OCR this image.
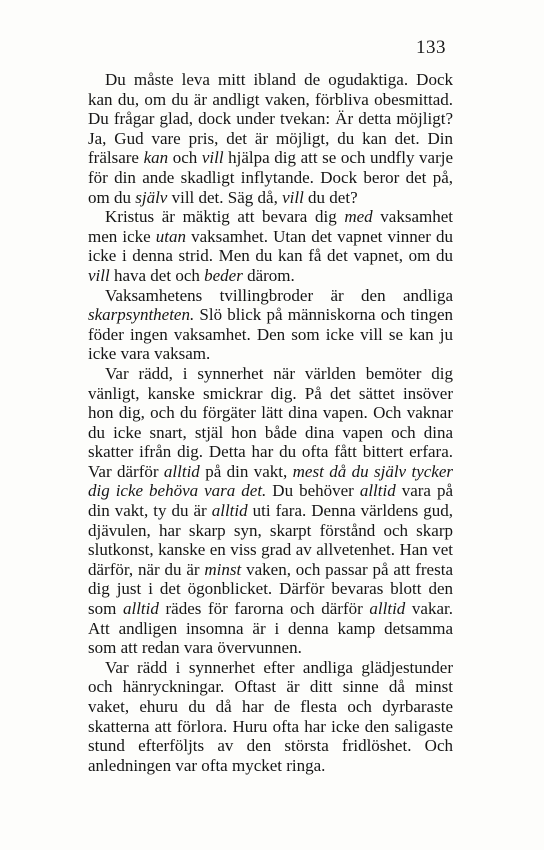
133

Du måste leva mitt ibland de ogudaktiga. Dock kan du, om du är andligt vaken, förbliva obesmittad. Du frågar glad, dock under tvekan: Är detta möjligt? Ja, Gud vare pris, det är möjligt, du kan det. Din frälsare kan och vill hjälpa dig att se och undfly varje för din ande skadligt inflytande. Dock beror det på, om du själv vill det. Säg då, vill du det?

Kristus är mäktig att bevara dig med vaksamhet men icke utan vaksamhet. Utan det vapnet vinner du icke i denna strid. Men du kan få det vapnet, om du vill hava det och beder därom.

Vaksamhetens tvillingbroder är den andliga skarpsyntheten. Slö blick på människorna och tingen föder ingen vaksamhet. Den som icke vill se kan ju icke vara vaksam.

Var rädd, i synnerhet när världen bemöter dig vänligt, kanske smickrar dig. På det sättet insöver hon dig, och du förgäter lätt dina vapen. Och vaknar du icke snart, stjäl hon både dina vapen och dina skatter ifrån dig. Detta har du ofta fått bittert erfara. Var därför alltid på din vakt, mest då du själv tycker dig icke behöva vara det. Du behöver alltid vara på din vakt, ty du är alltid uti fara. Denna världens gud, djävulen, har skarp syn, skarpt förstånd och skarp slutkonst, kanske en viss grad av allvetenhet. Han vet därför, när du är minst vaken, och passar på att fresta dig just i det ögonblicket. Därför bevaras blott den som alltid rädes för farorna och därför alltid vakar. Att andligen insomna är i denna kamp detsamma som att redan vara övervunnen.

Var rädd i synnerhet efter andliga glädjestunder och hänryckningar. Oftast är ditt sinne då minst vaket, ehuru du då har de flesta och dyrbaraste skatterna att förlora. Huru ofta har icke den saligaste stund efterföljts av den största fridlöshet. Och anledningen var ofta mycket ringa.
